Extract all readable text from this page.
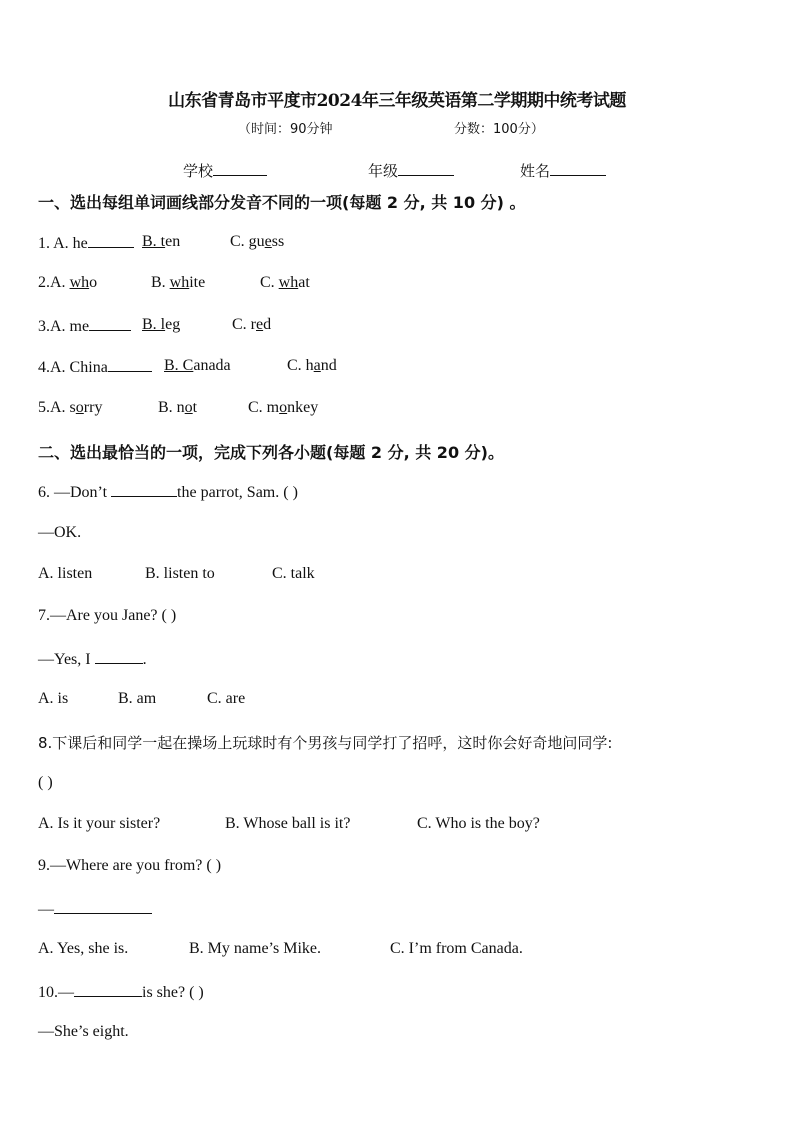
山东省青岛市平度市2024年三年级英语第二学期期中统考试题
（时间：90分钟	分数：100分）
学校	年级	姓名
一、选出每组单词画线部分发音不同的一项(每题 2 分, 共 10 分) 。
1. A. he	B. ten	C. guess
2.A. who	B. white	C. what
3.A. me	B. leg	C. red
4.A. China	B. Canada	C. hand
5.A. sorry	B. not	C. monkey
二、选出最恰当的一项，完成下列各小题(每题 2 分, 共 20 分)。
6. —Don’t	the parrot, Sam. ( )
—OK.
A. listen	B. listen to	C. talk
7.—Are you Jane? ( )
—Yes, I	.
A. is	B. am	C. are
8.下课后和同学一起在操场上玩球时有个男孩与同学打了招呼，这时你会好奇地问同学:
( )
A. Is it your sister?	B. Whose ball is it?	C. Who is the boy?
9.—Where are you from? ( )
—
A. Yes, she is.	B. My name’s Mike.	C. I’m from Canada.
10.—	is she? ( )
—She’s eight.
